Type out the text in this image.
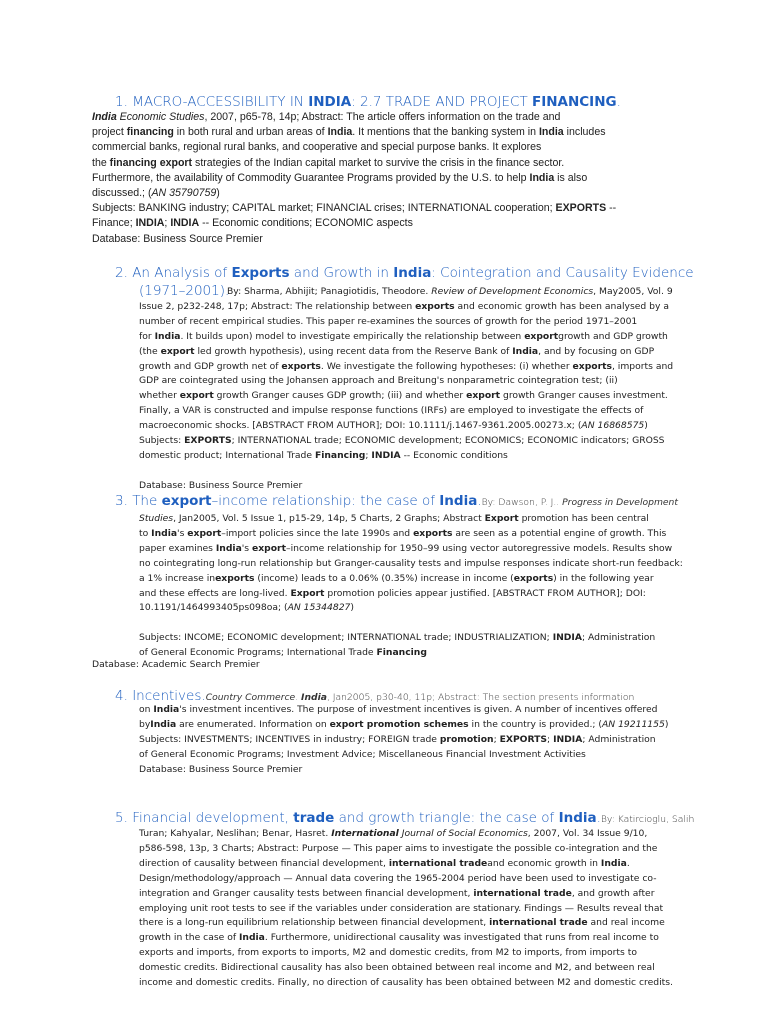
1. MACRO-ACCESSIBILITY IN INDIA: 2.7 TRADE AND PROJECT FINANCING.
India Economic Studies, 2007, p65-78, 14p; Abstract: The article offers information on the trade and
project financing in both rural and urban areas of India. It mentions that the banking system in India includes
commercial banks, regional rural banks, and cooperative and special purpose banks. It explores
the financing export strategies of the Indian capital market to survive the crisis in the finance sector.
Furthermore, the availability of Commodity Guarantee Programs provided by the U.S. to help India is also
discussed.; (AN 35790759)
Subjects: BANKING industry; CAPITAL market; FINANCIAL crises; INTERNATIONAL cooperation; EXPORTS --
Finance; INDIA; INDIA -- Economic conditions; ECONOMIC aspects
Database: Business Source Premier
2. An Analysis of Exports and Growth in India: Cointegration and Causality Evidence
(1971–2001).
By: Sharma, Abhijit; Panagiotidis, Theodore. Review of Development Economics, May2005, Vol. 9
Issue 2, p232-248, 17p; Abstract: The relationship between exports and economic growth has been analysed by a
number of recent empirical studies. This paper re-examines the sources of growth for the period 1971–2001
for India. It builds upon) model to investigate empirically the relationship between exportgrowth and GDP growth
(the export led growth hypothesis), using recent data from the Reserve Bank of India, and by focusing on GDP
growth and GDP growth net of exports. We investigate the following hypotheses: (i) whether exports, imports and
GDP are cointegrated using the Johansen approach and Breitung's nonparametric cointegration test; (ii)
whether export growth Granger causes GDP growth; (iii) and whether export growth Granger causes investment.
Finally, a VAR is constructed and impulse response functions (IRFs) are employed to investigate the effects of
macroeconomic shocks. [ABSTRACT FROM AUTHOR]; DOI: 10.1111/j.1467-9361.2005.00273.x; (AN 16868575)
Subjects: EXPORTS; INTERNATIONAL trade; ECONOMIC development; ECONOMICS; ECONOMIC indicators; GROSS
domestic product; International Trade Financing; INDIA -- Economic conditions

Database: Business Source Premier
3. The export–income relationship: the case of India.By: Dawson, P. J.. Progress in Development
Studies, Jan2005, Vol. 5 Issue 1, p15-29, 14p, 5 Charts, 2 Graphs; Abstract Export promotion has been central
to India's export–import policies since the late 1990s and exports are seen as a potential engine of growth. This
paper examines India's export–income relationship for 1950–99 using vector autoregressive models. Results show
no cointegrating long-run relationship but Granger-causality tests and impulse responses indicate short-run feedback:
a 1% increase inexports (income) leads to a 0.06% (0.35%) increase in income (exports) in the following year
and these effects are long-lived. Export promotion policies appear justified. [ABSTRACT FROM AUTHOR]; DOI:
10.1191/1464993405ps098oa; (AN 15344827)

Subjects: INCOME; ECONOMIC development; INTERNATIONAL trade; INDUSTRIALIZATION; INDIA; Administration
of General Economic Programs; International Trade Financing
Database: Academic Search Premier
4. Incentives.Country Commerce. India, Jan2005, p30-40, 11p; Abstract: The section presents information
on India's investment incentives. The purpose of investment incentives is given. A number of incentives offered
byIndia are enumerated. Information on export promotion schemes in the country is provided.; (AN 19211155)
Subjects: INVESTMENTS; INCENTIVES in industry; FOREIGN trade promotion; EXPORTS; INDIA; Administration
of General Economic Programs; Investment Advice; Miscellaneous Financial Investment Activities
Database: Business Source Premier
5. Financial development, trade and growth triangle: the case of India.By: Katircioglu, Salih
Turan; Kahyalar, Neslihan; Benar, Hasret. International Journal of Social Economics, 2007, Vol. 34 Issue 9/10,
p586-598, 13p, 3 Charts; Abstract: Purpose — This paper aims to investigate the possible co-integration and the
direction of causality between financial development, international tradeand economic growth in India.
Design/methodology/approach — Annual data covering the 1965-2004 period have been used to investigate co-
integration and Granger causality tests between financial development, international trade, and growth after
employing unit root tests to see if the variables under consideration are stationary. Findings — Results reveal that
there is a long-run equilibrium relationship between financial development, international trade and real income
growth in the case of India. Furthermore, unidirectional causality was investigated that runs from real income to
exports and imports, from exports to imports, M2 and domestic credits, from M2 to imports, from imports to
domestic credits. Bidirectional causality has also been obtained between real income and M2, and between real
income and domestic credits. Finally, no direction of causality has been obtained between M2 and domestic credits.
